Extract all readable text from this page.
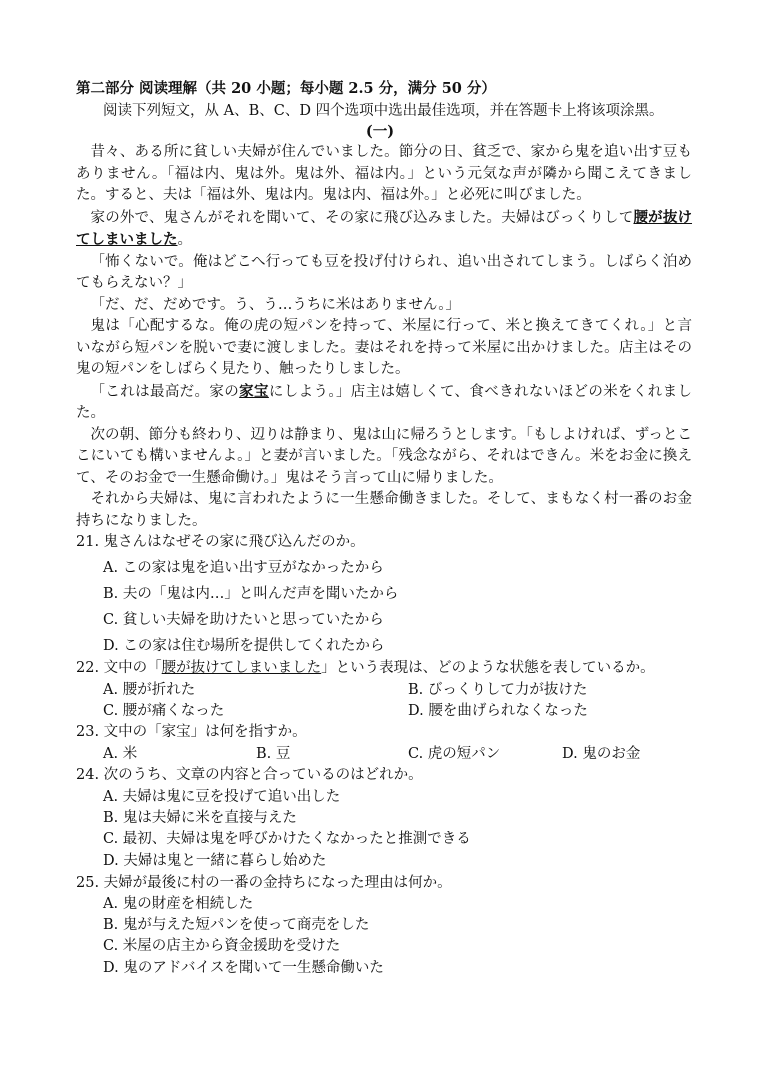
第二部分 阅读理解（共 20 小题；每小题 2.5 分，满分 50 分）
阅读下列短文，从 A、B、C、D 四个选项中选出最佳选项，并在答题卡上将该项涂黑。
(一)

昔々、ある所に貧しい夫婦が住んでいました。節分の日、貧乏で、家から鬼を追い出す豆もありません。「福は内、鬼は外。鬼は外、福は内。」という元気な声が隣から聞こえてきました。すると、夫は「福は外、鬼は内。鬼は内、福は外。」と必死に叫びました。

家の外で、鬼さんがそれを聞いて、その家に飛び込みました。夫婦はびっくりして腰が抜けてしまいました。

「怖くないで。俺はどこへ行っても豆を投げ付けられ、追い出されてしまう。しばらく泊めてもらえない？」

「だ、だ、だめです。う、う…うちに米はありません。」

鬼は「心配するな。俺の虎の短パンを持って、米屋に行って、米と換えてきてくれ。」と言いながら短パンを脱いで妻に渡しました。妻はそれを持って米屋に出かけました。店主はその鬼の短パンをしばらく見たり、触ったりしました。

「これは最高だ。家の家宝にしよう。」店主は嬉しくて、食べきれないほどの米をくれました。

次の朝、節分も終わり、辺りは静まり、鬼は山に帰ろうとします。「もしよければ、ずっとここにいても構いませんよ。」と妻が言いました。「残念ながら、それはできん。米をお金に換えて、そのお金で一生懸命働け。」鬼はそう言って山に帰りました。

それから夫婦は、鬼に言われたように一生懸命働きました。そして、まもなく村一番のお金持ちになりました。

21. 鬼さんはなぜその家に飛び込んだのか。
A. この家は鬼を追い出す豆がなかったから
B. 夫の「鬼は内…」と叫んだ声を聞いたから
C. 貧しい夫婦を助けたいと思っていたから
D. この家は住む場所を提供してくれたから
22. 文中の「腰が抜けてしまいました」という表現は、どのような状態を表しているか。
A. 腰が折れた	B. びっくりして力が抜けた
C. 腰が痛くなった	D. 腰を曲げられなくなった
23. 文中の「家宝」は何を指すか。
A. 米	B. 豆	C. 虎の短パン	D. 鬼のお金
24. 次のうち、文章の内容と合っているのはどれか。
A. 夫婦は鬼に豆を投げて追い出した
B. 鬼は夫婦に米を直接与えた
C. 最初、夫婦は鬼を呼びかけたくなかったと推測できる
D. 夫婦は鬼と一緒に暮らし始めた
25. 夫婦が最後に村の一番の金持ちになった理由は何か。
A. 鬼の財産を相続した
B. 鬼が与えた短パンを使って商売をした
C. 米屋の店主から資金援助を受けた
D. 鬼のアドバイスを聞いて一生懸命働いた
